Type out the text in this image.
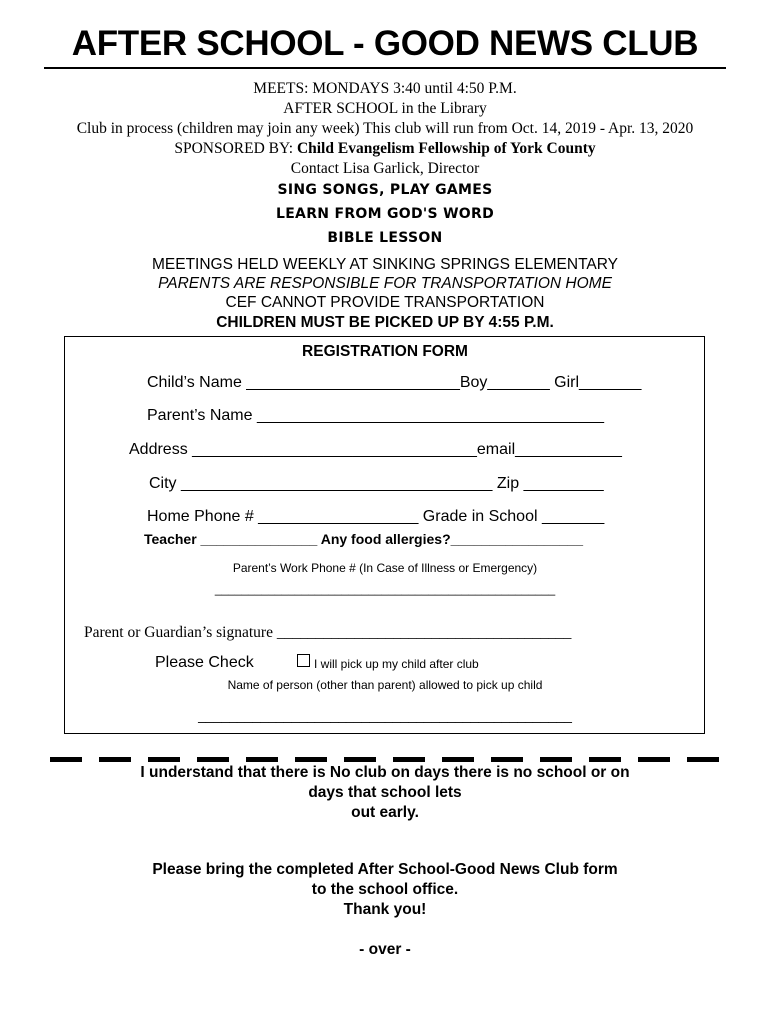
AFTER SCHOOL - GOOD NEWS CLUB
MEETS: MONDAYS 3:40 until 4:50 P.M.
AFTER SCHOOL in the Library
Club in process (children may join any week) This club will run from Oct. 14, 2019 - Apr. 13, 2020
SPONSORED BY: Child Evangelism Fellowship of York County
Contact Lisa Garlick, Director
SING SONGS, PLAY GAMES
LEARN FROM GOD'S WORD
BIBLE LESSON
MEETINGS HELD WEEKLY AT SINKING SPRINGS ELEMENTARY
PARENTS ARE RESPONSIBLE FOR TRANSPORTATION HOME
CEF CANNOT PROVIDE TRANSPORTATION
CHILDREN MUST BE PICKED UP BY 4:55 P.M.
REGISTRATION FORM
Child’s Name ________________________Boy_______ Girl_______
Parent’s Name _______________________________________
Address ________________________________email____________
City ___________________________________ Zip _________
Home Phone # __________________ Grade in School _______
Teacher _______________ Any food allergies?_________________
Parent’s Work Phone # (In Case of Illness or Emergency)
___________________________________________________
Parent or Guardian’s signature ______________________________________
Please Check	I will pick up my child after club
Name of person (other than parent) allowed to pick up child
________________________________________________
I understand that there is No club on days there is no school or on
days that school lets
out early.
Please bring the completed After School-Good News Club form
to the school office.
Thank you!
- over -
